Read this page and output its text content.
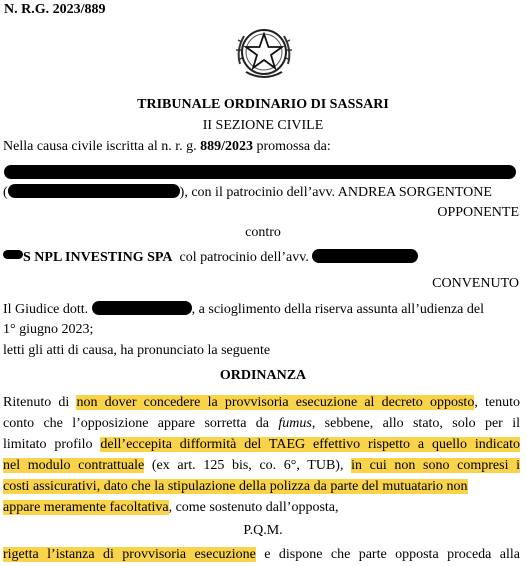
N. R.G. 2023/889
TRIBUNALE ORDINARIO DI SASSARI
II SEZIONE CIVILE
Nella causa civile iscritta al n. r. g. 889/2023 promossa da:
(	), con il patrocinio dell’avv. ANDREA SORGENTONE
OPPONENTE
contro
S NPL INVESTING SPA col patrocinio dell’avv.
CONVENUTO
Il Giudice dott.	, a scioglimento della riserva assunta all’udienza del
1° giugno 2023;
letti gli atti di causa, ha pronunciato la seguente
ORDINANZA
Ritenuto di non dover concedere la provvisoria esecuzione al decreto opposto, tenuto
conto che l’opposizione appare sorretta da fumus, sebbene, allo stato, solo per il
limitato profilo dell’eccepita difformità del TAEG effettivo rispetto a quello indicato
nel modulo contrattuale (ex art. 125 bis, co. 6°, TUB), in cui non sono compresi i
costi assicurativi, dato che la stipulazione della polizza da parte del mutuatario non
appare meramente facoltativa, come sostenuto dall’opposta,
P.Q.M.
rigetta l’istanza di provvisoria esecuzione e dispone che parte opposta proceda alla
